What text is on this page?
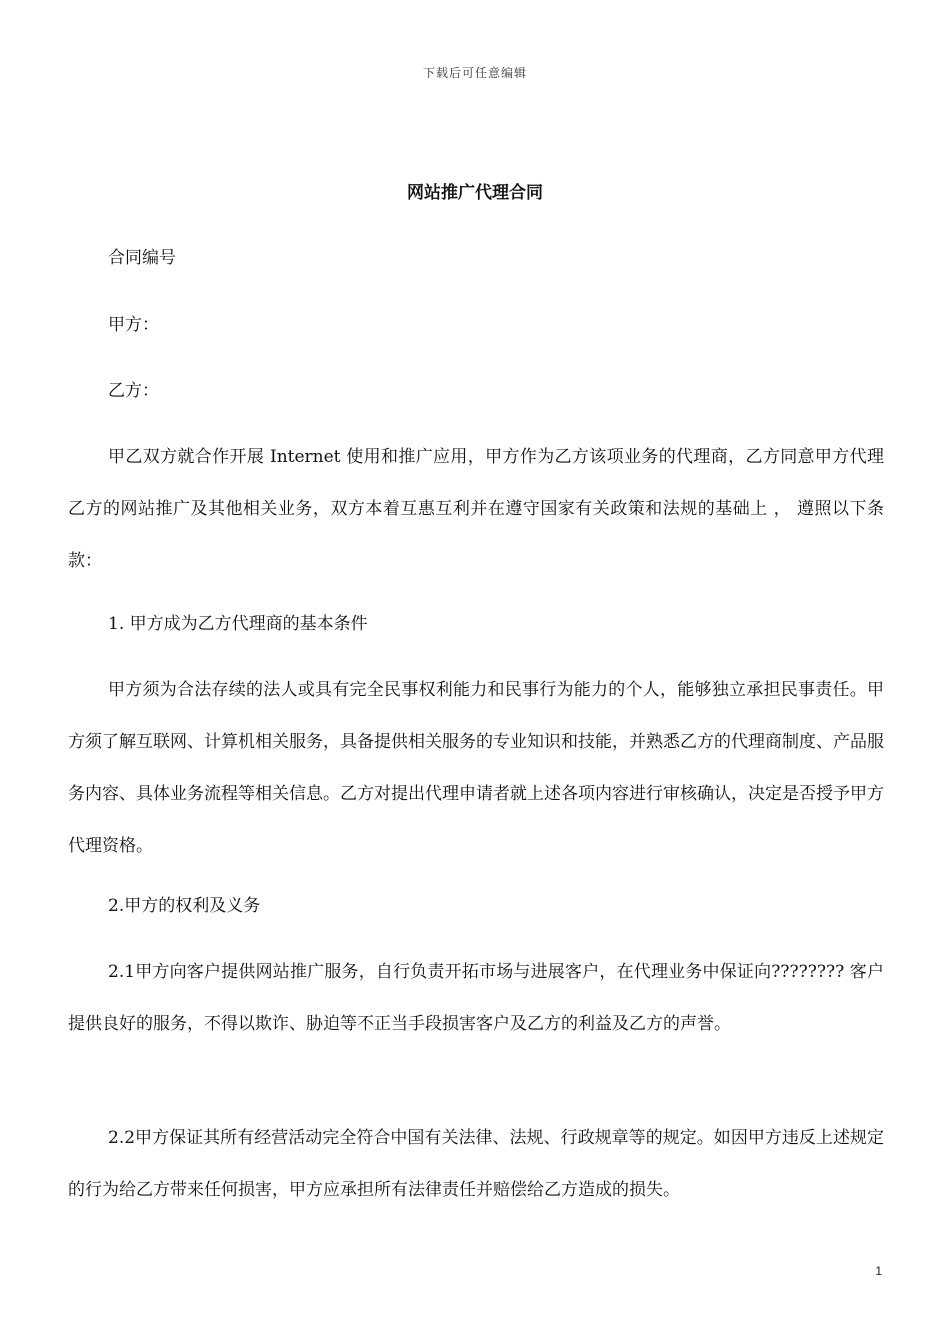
下载后可任意编辑
网站推广代理合同

合同编号

甲方：

乙方：

甲乙双方就合作开展 Internet 使用和推广应用，甲方作为乙方该项业务的代理商，乙方同意甲方代理乙方的网站推广及其他相关业务，双方本着互惠互利并在遵守国家有关政策和法规的基础上 ， 遵照以下条款：

1. 甲方成为乙方代理商的基本条件

甲方须为合法存续的法人或具有完全民事权利能力和民事行为能力的个人，能够独立承担民事责任。甲方须了解互联网、计算机相关服务，具备提供相关服务的专业知识和技能，并熟悉乙方的代理商制度、产品服务内容、具体业务流程等相关信息。乙方对提出代理申请者就上述各项内容进行审核确认，决定是否授予甲方代理资格。

2.甲方的权利及义务

2.1甲方向客户提供网站推广服务，自行负责开拓市场与进展客户，在代理业务中保证向???????? 客户提供良好的服务，不得以欺诈、胁迫等不正当手段损害客户及乙方的利益及乙方的声誉。

2.2甲方保证其所有经营活动完全符合中国有关法律、法规、行政规章等的规定。如因甲方违反上述规定的行为给乙方带来任何损害，甲方应承担所有法律责任并赔偿给乙方造成的损失。

1
